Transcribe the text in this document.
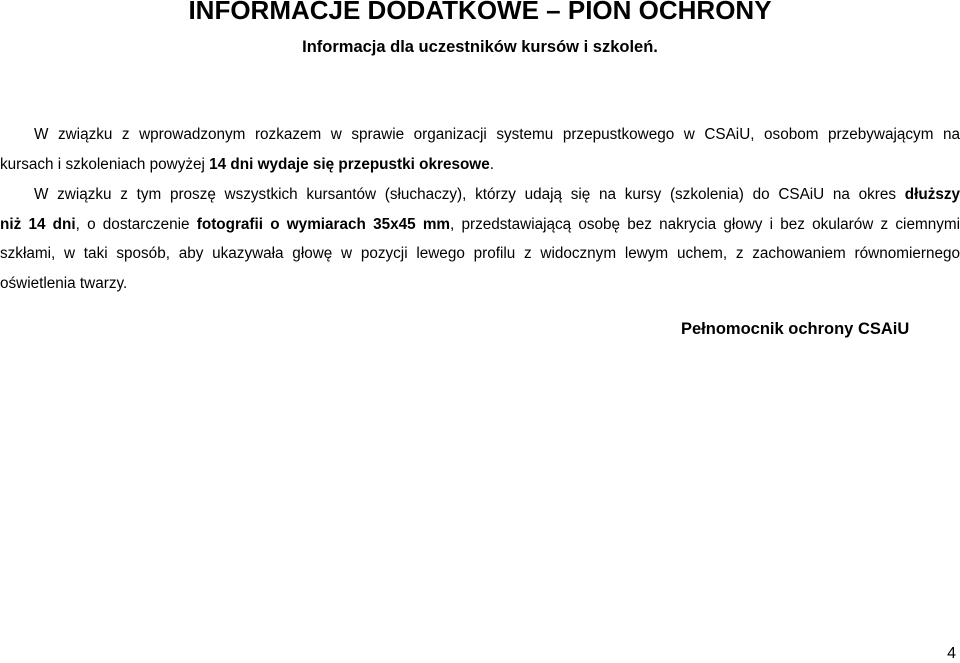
INFORMACJE DODATKOWE – PION OCHRONY
Informacja dla uczestników kursów i szkoleń.
W związku z wprowadzonym rozkazem w sprawie organizacji systemu przepustkowego w CSAiU, osobom przebywającym na
kursach i szkoleniach powyżej 14 dni wydaje się przepustki okresowe.
W związku z tym proszę wszystkich kursantów (słuchaczy), którzy udają się na kursy (szkolenia) do CSAiU na okres dłuższy
niż 14 dni, o dostarczenie fotografii o wymiarach 35x45 mm, przedstawiającą osobę bez nakrycia głowy i bez okularów z ciemnymi
szkłami, w taki sposób, aby ukazywała głowę w pozycji lewego profilu z widocznym lewym uchem, z zachowaniem równomiernego
oświetlenia twarzy.
Pełnomocnik ochrony CSAiU
4
